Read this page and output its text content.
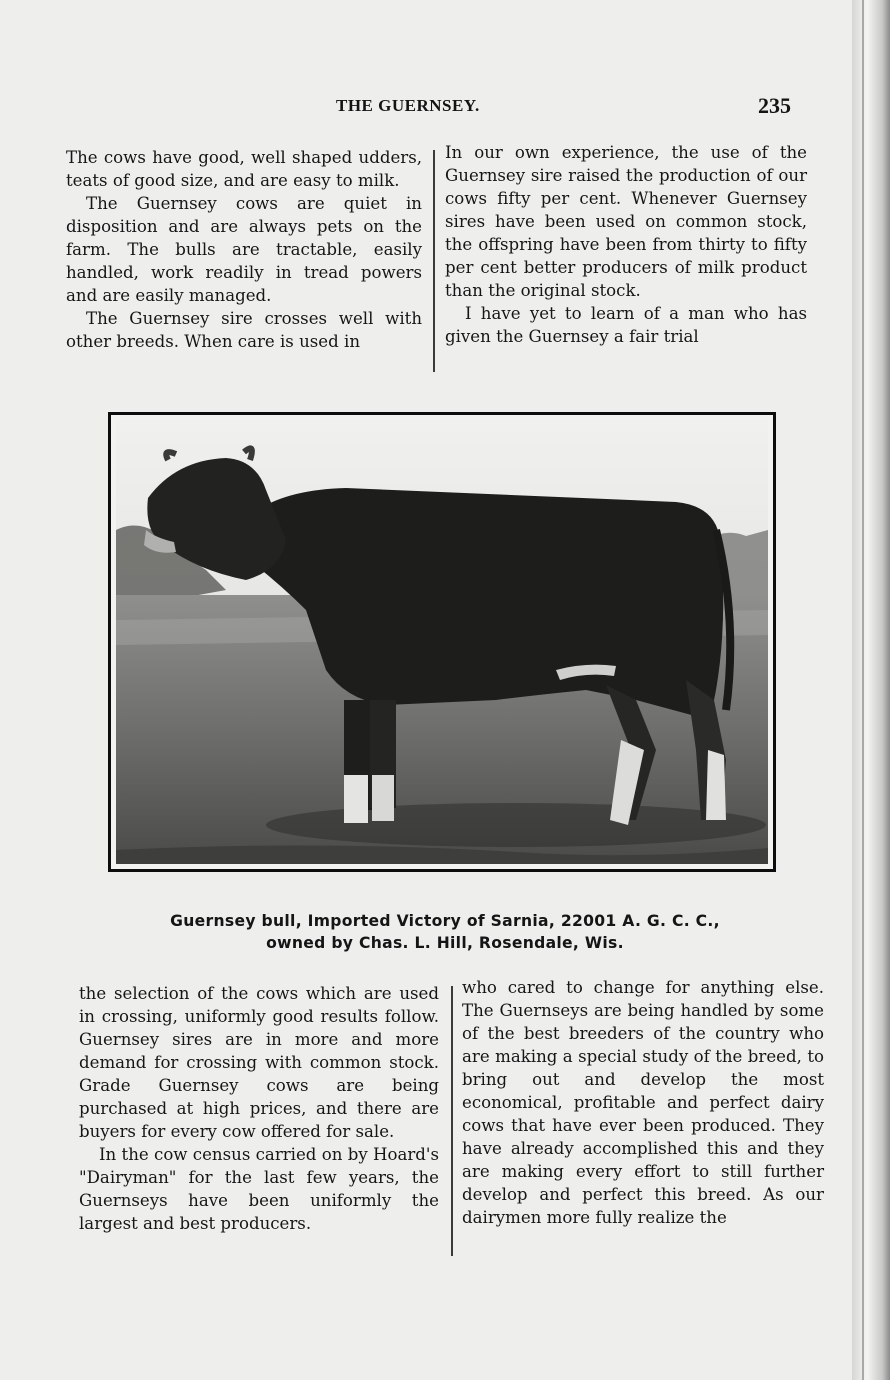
THE GUERNSEY.	235

The cows have good, well shaped udders, teats of good size, and are easy to milk.

The Guernsey cows are quiet in disposition and are always pets on the farm. The bulls are tractable, easily handled, work readily in tread powers and are easily managed.

The Guernsey sire crosses well with other breeds. When care is used in

In our own experience, the use of the Guernsey sire raised the production of our cows fifty per cent. Whenever Guernsey sires have been used on common stock, the offspring have been from thirty to fifty per cent better producers of milk product than the original stock.

I have yet to learn of a man who has given the Guernsey a fair trial

Guernsey bull, Imported Victory of Sarnia, 22001 A. G. C. C.,
owned by Chas. L. Hill, Rosendale, Wis.

the selection of the cows which are used in crossing, uniformly good results follow. Guernsey sires are in more and more demand for crossing with common stock. Grade Guernsey cows are being purchased at high prices, and there are buyers for every cow offered for sale.

In the cow census carried on by Hoard's "Dairyman" for the last few years, the Guernseys have been uniformly the largest and best producers.

who cared to change for anything else. The Guernseys are being handled by some of the best breeders of the country who are making a special study of the breed, to bring out and develop the most economical, profitable and perfect dairy cows that have ever been produced. They have already accomplished this and they are making every effort to still further develop and perfect this breed. As our dairymen more fully realize the
